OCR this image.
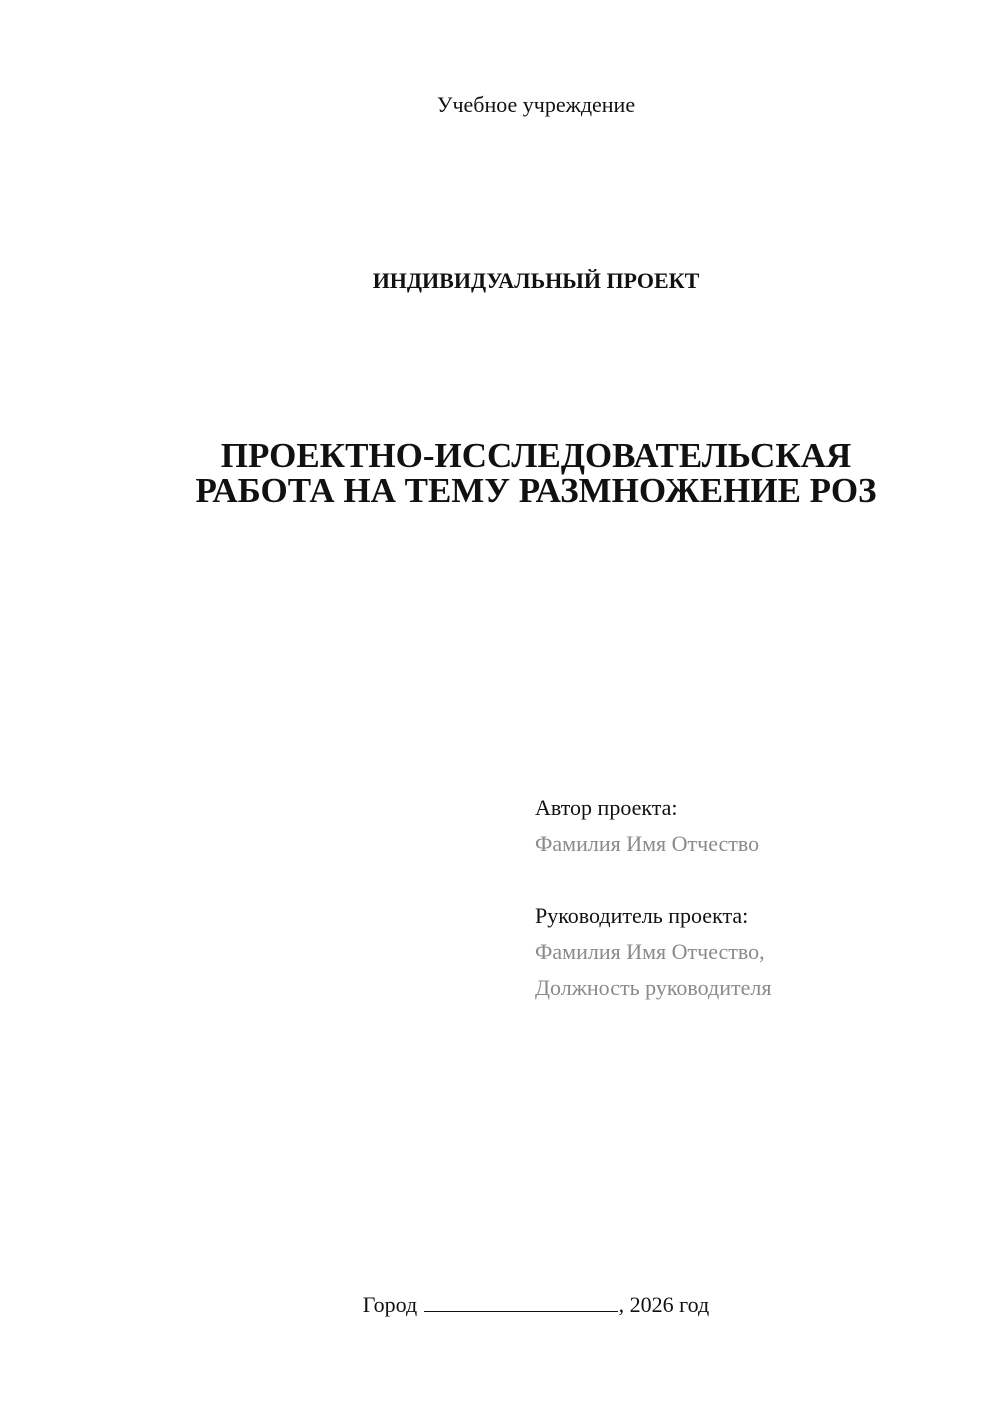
Учебное учреждение
ИНДИВИДУАЛЬНЫЙ ПРОЕКТ
ПРОЕКТНО-ИССЛЕДОВАТЕЛЬСКАЯ
РАБОТА НА ТЕМУ РАЗМНОЖЕНИЕ РОЗ
Автор проекта:
Фамилия Имя Отчество
Руководитель проекта:
Фамилия Имя Отчество,
Должность руководителя
Город	, 2026 год
